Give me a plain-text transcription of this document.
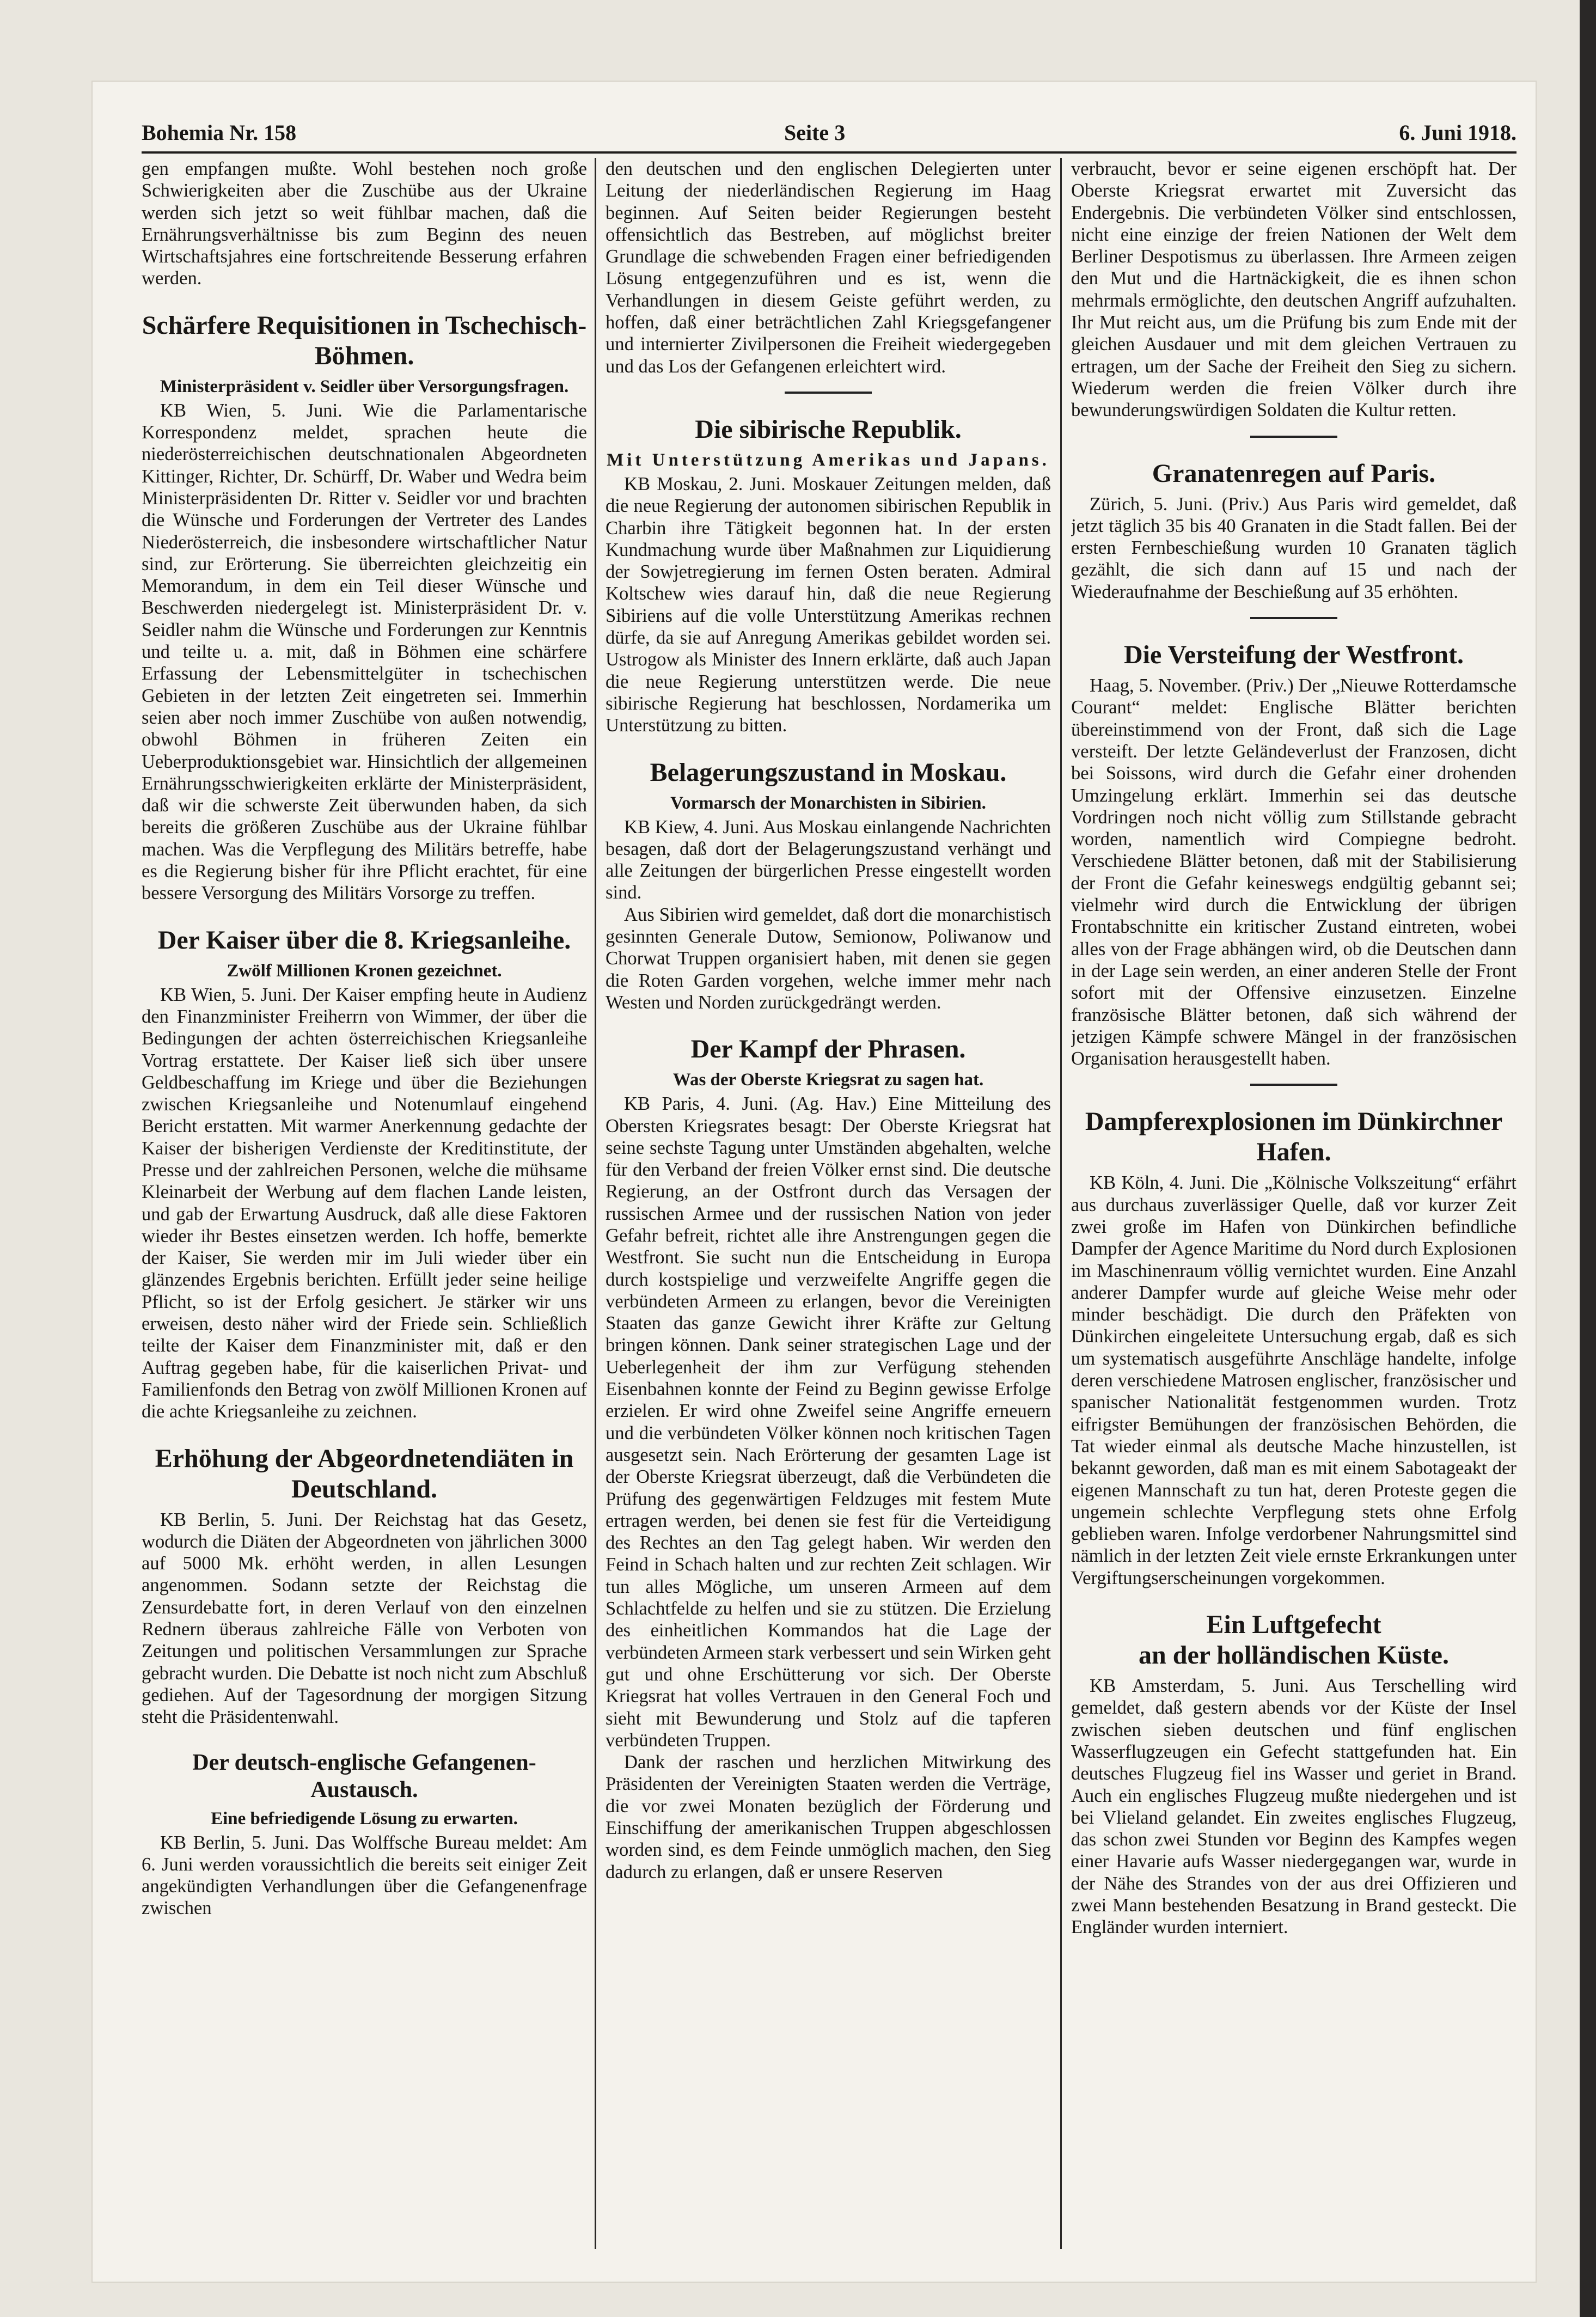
Bohemia Nr. 158	Seite 3	6. Juni 1918.

gen empfangen mußte. Wohl bestehen noch große Schwierigkeiten aber die Zuschübe aus der Ukraine werden sich jetzt so weit fühlbar machen, daß die Ernährungsverhältnisse bis zum Beginn des neuen Wirtschaftsjahres eine fortschreitende Besserung erfahren werden.

Schärfere Requisitionen in Tschechisch-Böhmen.
Ministerpräsident v. Seidler über Versorgungsfragen.

KB Wien, 5. Juni. Wie die Parlamentarische Korrespondenz meldet, sprachen heute die niederösterreichischen deutschnationalen Abgeordneten Kittinger, Richter, Dr. Schürff, Dr. Waber und Wedra beim Ministerpräsidenten Dr. Ritter v. Seidler vor und brachten die Wünsche und Forderungen der Vertreter des Landes Niederösterreich, die insbesondere wirtschaftlicher Natur sind, zur Erörterung. Sie überreichten gleichzeitig ein Memorandum, in dem ein Teil dieser Wünsche und Beschwerden niedergelegt ist. Ministerpräsident Dr. v. Seidler nahm die Wünsche und Forderungen zur Kenntnis und teilte u. a. mit, daß in Böhmen eine schärfere Erfassung der Lebensmittelgüter in tschechischen Gebieten in der letzten Zeit eingetreten sei. Immerhin seien aber noch immer Zuschübe von außen notwendig, obwohl Böhmen in früheren Zeiten ein Ueberproduktionsgebiet war. Hinsichtlich der allgemeinen Ernährungsschwierigkeiten erklärte der Ministerpräsident, daß wir die schwerste Zeit überwunden haben, da sich bereits die größeren Zuschübe aus der Ukraine fühlbar machen. Was die Verpflegung des Militärs betreffe, habe es die Regierung bisher für ihre Pflicht erachtet, für eine bessere Versorgung des Militärs Vorsorge zu treffen.

Der Kaiser über die 8. Kriegsanleihe.
Zwölf Millionen Kronen gezeichnet.

KB Wien, 5. Juni. Der Kaiser empfing heute in Audienz den Finanzminister Freiherrn von Wimmer, der über die Bedingungen der achten österreichischen Kriegsanleihe Vortrag erstattete. Der Kaiser ließ sich über unsere Geldbeschaffung im Kriege und über die Beziehungen zwischen Kriegsanleihe und Notenumlauf eingehend Bericht erstatten. Mit warmer Anerkennung gedachte der Kaiser der bisherigen Verdienste der Kreditinstitute, der Presse und der zahlreichen Personen, welche die mühsame Kleinarbeit der Werbung auf dem flachen Lande leisten, und gab der Erwartung Ausdruck, daß alle diese Faktoren wieder ihr Bestes einsetzen werden. Ich hoffe, bemerkte der Kaiser, Sie werden mir im Juli wieder über ein glänzendes Ergebnis berichten. Erfüllt jeder seine heilige Pflicht, so ist der Erfolg gesichert. Je stärker wir uns erweisen, desto näher wird der Friede sein. Schließlich teilte der Kaiser dem Finanzminister mit, daß er den Auftrag gegeben habe, für die kaiserlichen Privat- und Familienfonds den Betrag von zwölf Millionen Kronen auf die achte Kriegsanleihe zu zeichnen.

Erhöhung der Abgeordnetendiäten in Deutschland.

KB Berlin, 5. Juni. Der Reichstag hat das Gesetz, wodurch die Diäten der Abgeordneten von jährlichen 3000 auf 5000 Mk. erhöht werden, in allen Lesungen angenommen. Sodann setzte der Reichstag die Zensurdebatte fort, in deren Verlauf von den einzelnen Rednern überaus zahlreiche Fälle von Verboten von Zeitungen und politischen Versammlungen zur Sprache gebracht wurden. Die Debatte ist noch nicht zum Abschluß gediehen. Auf der Tagesordnung der morgigen Sitzung steht die Präsidentenwahl.

Der deutsch-englische Gefangenen-Austausch.
Eine befriedigende Lösung zu erwarten.

KB Berlin, 5. Juni. Das Wolffsche Bureau meldet: Am 6. Juni werden voraussichtlich die bereits seit einiger Zeit angekündigten Verhandlungen über die Gefangenenfrage zwischen

den deutschen und den englischen Delegierten unter Leitung der niederländischen Regierung im Haag beginnen. Auf Seiten beider Regierungen besteht offensichtlich das Bestreben, auf möglichst breiter Grundlage die schwebenden Fragen einer befriedigenden Lösung entgegenzuführen und es ist, wenn die Verhandlungen in diesem Geiste geführt werden, zu hoffen, daß einer beträchtlichen Zahl Kriegsgefangener und internierter Zivilpersonen die Freiheit wiedergegeben und das Los der Gefangenen erleichtert wird.

Die sibirische Republik.
Mit Unterstützung Amerikas und Japans.

KB Moskau, 2. Juni. Moskauer Zeitungen melden, daß die neue Regierung der autonomen sibirischen Republik in Charbin ihre Tätigkeit begonnen hat. In der ersten Kundmachung wurde über Maßnahmen zur Liquidierung der Sowjetregierung im fernen Osten beraten. Admiral Koltschew wies darauf hin, daß die neue Regierung Sibiriens auf die volle Unterstützung Amerikas rechnen dürfe, da sie auf Anregung Amerikas gebildet worden sei. Ustrogow als Minister des Innern erklärte, daß auch Japan die neue Regierung unterstützen werde. Die neue sibirische Regierung hat beschlossen, Nordamerika um Unterstützung zu bitten.

Belagerungszustand in Moskau.
Vormarsch der Monarchisten in Sibirien.

KB Kiew, 4. Juni. Aus Moskau einlangende Nachrichten besagen, daß dort der Belagerungszustand verhängt und alle Zeitungen der bürgerlichen Presse eingestellt worden sind.

Aus Sibirien wird gemeldet, daß dort die monarchistisch gesinnten Generale Dutow, Semionow, Poliwanow und Chorwat Truppen organisiert haben, mit denen sie gegen die Roten Garden vorgehen, welche immer mehr nach Westen und Norden zurückgedrängt werden.

Der Kampf der Phrasen.
Was der Oberste Kriegsrat zu sagen hat.

KB Paris, 4. Juni. (Ag. Hav.) Eine Mitteilung des Obersten Kriegsrates besagt: Der Oberste Kriegsrat hat seine sechste Tagung unter Umständen abgehalten, welche für den Verband der freien Völker ernst sind. Die deutsche Regierung, an der Ostfront durch das Versagen der russischen Armee und der russischen Nation von jeder Gefahr befreit, richtet alle ihre Anstrengungen gegen die Westfront. Sie sucht nun die Entscheidung in Europa durch kostspielige und verzweifelte Angriffe gegen die verbündeten Armeen zu erlangen, bevor die Vereinigten Staaten das ganze Gewicht ihrer Kräfte zur Geltung bringen können. Dank seiner strategischen Lage und der Ueberlegenheit der ihm zur Verfügung stehenden Eisenbahnen konnte der Feind zu Beginn gewisse Erfolge erzielen. Er wird ohne Zweifel seine Angriffe erneuern und die verbündeten Völker können noch kritischen Tagen ausgesetzt sein. Nach Erörterung der gesamten Lage ist der Oberste Kriegsrat überzeugt, daß die Verbündeten die Prüfung des gegenwärtigen Feldzuges mit festem Mute ertragen werden, bei denen sie fest für die Verteidigung des Rechtes an den Tag gelegt haben. Wir werden den Feind in Schach halten und zur rechten Zeit schlagen. Wir tun alles Mögliche, um unseren Armeen auf dem Schlachtfelde zu helfen und sie zu stützen. Die Erzielung des einheitlichen Kommandos hat die Lage der verbündeten Armeen stark verbessert und sein Wirken geht gut und ohne Erschütterung vor sich. Der Oberste Kriegsrat hat volles Vertrauen in den General Foch und sieht mit Bewunderung und Stolz auf die tapferen verbündeten Truppen.

Dank der raschen und herzlichen Mitwirkung des Präsidenten der Vereinigten Staaten werden die Verträge, die vor zwei Monaten bezüglich der Förderung und Einschiffung der amerikanischen Truppen abgeschlossen worden sind, es dem Feinde unmöglich machen, den Sieg dadurch zu erlangen, daß er unsere Reserven

verbraucht, bevor er seine eigenen erschöpft hat. Der Oberste Kriegsrat erwartet mit Zuversicht das Endergebnis. Die verbündeten Völker sind entschlossen, nicht eine einzige der freien Nationen der Welt dem Berliner Despotismus zu überlassen. Ihre Armeen zeigen den Mut und die Hartnäckigkeit, die es ihnen schon mehrmals ermöglichte, den deutschen Angriff aufzuhalten. Ihr Mut reicht aus, um die Prüfung bis zum Ende mit der gleichen Ausdauer und mit dem gleichen Vertrauen zu ertragen, um der Sache der Freiheit den Sieg zu sichern. Wiederum werden die freien Völker durch ihre bewunderungswürdigen Soldaten die Kultur retten.

Granatenregen auf Paris.

Zürich, 5. Juni. (Priv.) Aus Paris wird gemeldet, daß jetzt täglich 35 bis 40 Granaten in die Stadt fallen. Bei der ersten Fernbeschießung wurden 10 Granaten täglich gezählt, die sich dann auf 15 und nach der Wiederaufnahme der Beschießung auf 35 erhöhten.

Die Versteifung der Westfront.

Haag, 5. November. (Priv.) Der „Nieuwe Rotterdamsche Courant“ meldet: Englische Blätter berichten übereinstimmend von der Front, daß sich die Lage versteift. Der letzte Geländeverlust der Franzosen, dicht bei Soissons, wird durch die Gefahr einer drohenden Umzingelung erklärt. Immerhin sei das deutsche Vordringen noch nicht völlig zum Stillstande gebracht worden, namentlich wird Compiegne bedroht. Verschiedene Blätter betonen, daß mit der Stabilisierung der Front die Gefahr keineswegs endgültig gebannt sei; vielmehr wird durch die Entwicklung der übrigen Frontabschnitte ein kritischer Zustand eintreten, wobei alles von der Frage abhängen wird, ob die Deutschen dann in der Lage sein werden, an einer anderen Stelle der Front sofort mit der Offensive einzusetzen. Einzelne französische Blätter betonen, daß sich während der jetzigen Kämpfe schwere Mängel in der französischen Organisation herausgestellt haben.

Dampferexplosionen im Dünkirchner Hafen.

KB Köln, 4. Juni. Die „Kölnische Volkszeitung“ erfährt aus durchaus zuverlässiger Quelle, daß vor kurzer Zeit zwei große im Hafen von Dünkirchen befindliche Dampfer der Agence Maritime du Nord durch Explosionen im Maschinenraum völlig vernichtet wurden. Eine Anzahl anderer Dampfer wurde auf gleiche Weise mehr oder minder beschädigt. Die durch den Präfekten von Dünkirchen eingeleitete Untersuchung ergab, daß es sich um systematisch ausgeführte Anschläge handelte, infolge deren verschiedene Matrosen englischer, französischer und spanischer Nationalität festgenommen wurden. Trotz eifrigster Bemühungen der französischen Behörden, die Tat wieder einmal als deutsche Mache hinzustellen, ist bekannt geworden, daß man es mit einem Sabotageakt der eigenen Mannschaft zu tun hat, deren Proteste gegen die ungemein schlechte Verpflegung stets ohne Erfolg geblieben waren. Infolge verdorbener Nahrungsmittel sind nämlich in der letzten Zeit viele ernste Erkrankungen unter Vergiftungserscheinungen vorgekommen.

Ein Luftgefecht
an der holländischen Küste.

KB Amsterdam, 5. Juni. Aus Terschelling wird gemeldet, daß gestern abends vor der Küste der Insel zwischen sieben deutschen und fünf englischen Wasserflugzeugen ein Gefecht stattgefunden hat. Ein deutsches Flugzeug fiel ins Wasser und geriet in Brand. Auch ein englisches Flugzeug mußte niedergehen und ist bei Vlieland gelandet. Ein zweites englisches Flugzeug, das schon zwei Stunden vor Beginn des Kampfes wegen einer Havarie aufs Wasser niedergegangen war, wurde in der Nähe des Strandes von der aus drei Offizieren und zwei Mann bestehenden Besatzung in Brand gesteckt. Die Engländer wurden interniert.
